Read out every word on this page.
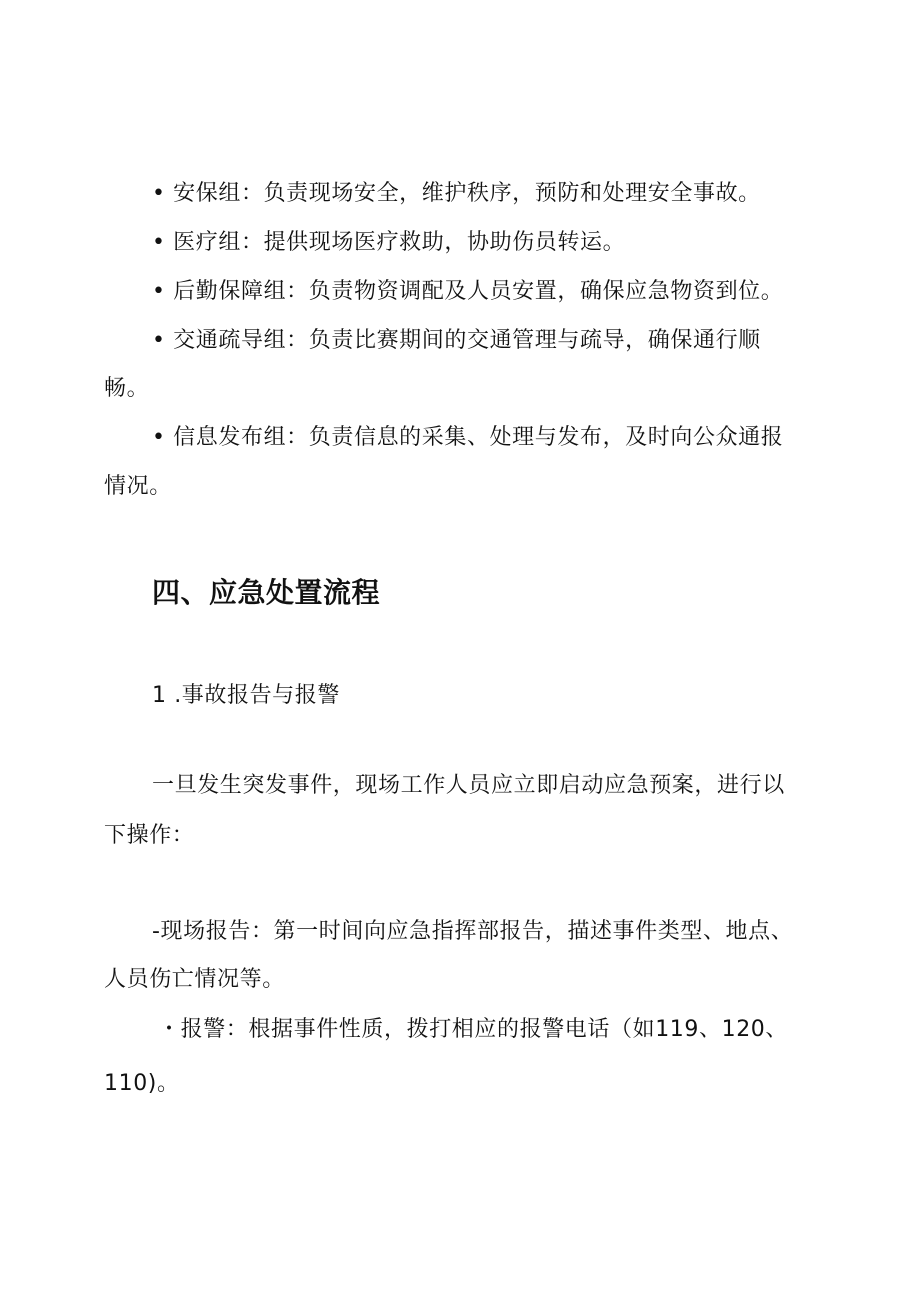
• 安保组：负责现场安全，维护秩序，预防和处理安全事故。
• 医疗组：提供现场医疗救助，协助伤员转运。
• 后勤保障组：负责物资调配及人员安置，确保应急物资到位。
• 交通疏导组：负责比赛期间的交通管理与疏导，确保通行顺
畅。
• 信息发布组：负责信息的采集、处理与发布，及时向公众通报
情况。
四、应急处置流程
1 .事故报告与报警
一旦发生突发事件，现场工作人员应立即启动应急预案，进行以
下操作：
-现场报告：第一时间向应急指挥部报告，描述事件类型、地点、
人员伤亡情况等。
・报警：根据事件性质，拨打相应的报警电话（如119、120、
110)。
